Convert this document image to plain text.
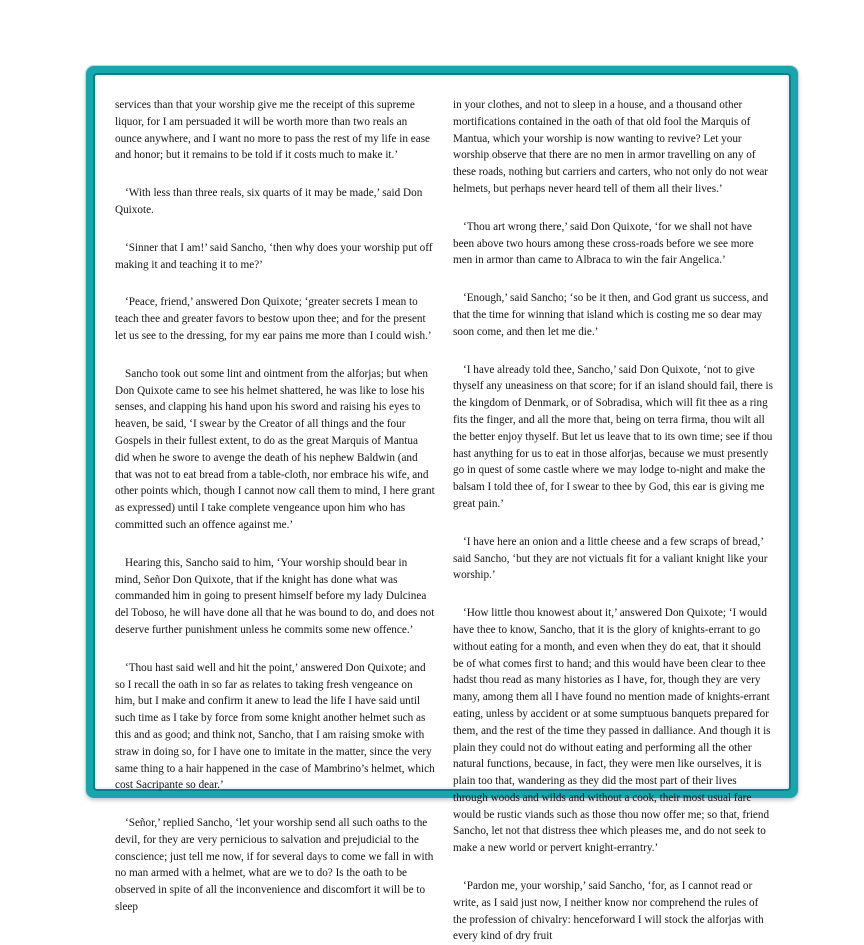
services than that your worship give me the receipt of this supreme liquor, for I am persuaded it will be worth more than two reals an ounce anywhere, and I want no more to pass the rest of my life in ease and honor; but it remains to be told if it costs much to make it.’

‘With less than three reals, six quarts of it may be made,’ said Don Quixote.

‘Sinner that I am!’ said Sancho, ‘then why does your worship put off making it and teaching it to me?’

‘Peace, friend,’ answered Don Quixote; ‘greater secrets I mean to teach thee and greater favors to bestow upon thee; and for the present let us see to the dressing, for my ear pains me more than I could wish.’

Sancho took out some lint and ointment from the alforjas; but when Don Quixote came to see his helmet shattered, he was like to lose his senses, and clapping his hand upon his sword and raising his eyes to heaven, be said, ‘I swear by the Creator of all things and the four Gospels in their fullest extent, to do as the great Marquis of Mantua did when he swore to avenge the death of his nephew Baldwin (and that was not to eat bread from a table-cloth, nor embrace his wife, and other points which, though I cannot now call them to mind, I here grant as expressed) until I take complete vengeance upon him who has committed such an offence against me.’

Hearing this, Sancho said to him, ‘Your worship should bear in mind, Señor Don Quixote, that if the knight has done what was commanded him in going to present himself before my lady Dulcinea del Toboso, he will have done all that he was bound to do, and does not deserve further punishment unless he commits some new offence.’

‘Thou hast said well and hit the point,’ answered Don Quixote; and so I recall the oath in so far as relates to taking fresh vengeance on him, but I make and confirm it anew to lead the life I have said until such time as I take by force from some knight another helmet such as this and as good; and think not, Sancho, that I am raising smoke with straw in doing so, for I have one to imitate in the matter, since the very same thing to a hair happened in the case of Mambrino’s helmet, which cost Sacripante so dear.’

‘Señor,’ replied Sancho, ‘let your worship send all such oaths to the devil, for they are very pernicious to salvation and prejudicial to the conscience; just tell me now, if for several days to come we fall in with no man armed with a helmet, what are we to do? Is the oath to be observed in spite of all the inconvenience and discomfort it will be to sleep

in your clothes, and not to sleep in a house, and a thousand other mortifications contained in the oath of that old fool the Marquis of Mantua, which your worship is now wanting to revive? Let your worship observe that there are no men in armor travelling on any of these roads, nothing but carriers and carters, who not only do not wear helmets, but perhaps never heard tell of them all their lives.’

‘Thou art wrong there,’ said Don Quixote, ‘for we shall not have been above two hours among these cross-roads before we see more men in armor than came to Albraca to win the fair Angelica.’

‘Enough,’ said Sancho; ‘so be it then, and God grant us success, and that the time for winning that island which is costing me so dear may soon come, and then let me die.’

‘I have already told thee, Sancho,’ said Don Quixote, ‘not to give thyself any uneasiness on that score; for if an island should fail, there is the kingdom of Denmark, or of Sobradisa, which will fit thee as a ring fits the finger, and all the more that, being on terra firma, thou wilt all the better enjoy thyself. But let us leave that to its own time; see if thou hast anything for us to eat in those alforjas, because we must presently go in quest of some castle where we may lodge to-night and make the balsam I told thee of, for I swear to thee by God, this ear is giving me great pain.’

‘I have here an onion and a little cheese and a few scraps of bread,’ said Sancho, ‘but they are not victuals fit for a valiant knight like your worship.’

‘How little thou knowest about it,’ answered Don Quixote; ‘I would have thee to know, Sancho, that it is the glory of knights-errant to go without eating for a month, and even when they do eat, that it should be of what comes first to hand; and this would have been clear to thee hadst thou read as many histories as I have, for, though they are very many, among them all I have found no mention made of knights-errant eating, unless by accident or at some sumptuous banquets prepared for them, and the rest of the time they passed in dalliance. And though it is plain they could not do without eating and performing all the other natural functions, because, in fact, they were men like ourselves, it is plain too that, wandering as they did the most part of their lives through woods and wilds and without a cook, their most usual fare would be rustic viands such as those thou now offer me; so that, friend Sancho, let not that distress thee which pleases me, and do not seek to make a new world or pervert knight-errantry.’

‘Pardon me, your worship,’ said Sancho, ‘for, as I cannot read or write, as I said just now, I neither know nor comprehend the rules of the profession of chivalry: henceforward I will stock the alforjas with every kind of dry fruit
